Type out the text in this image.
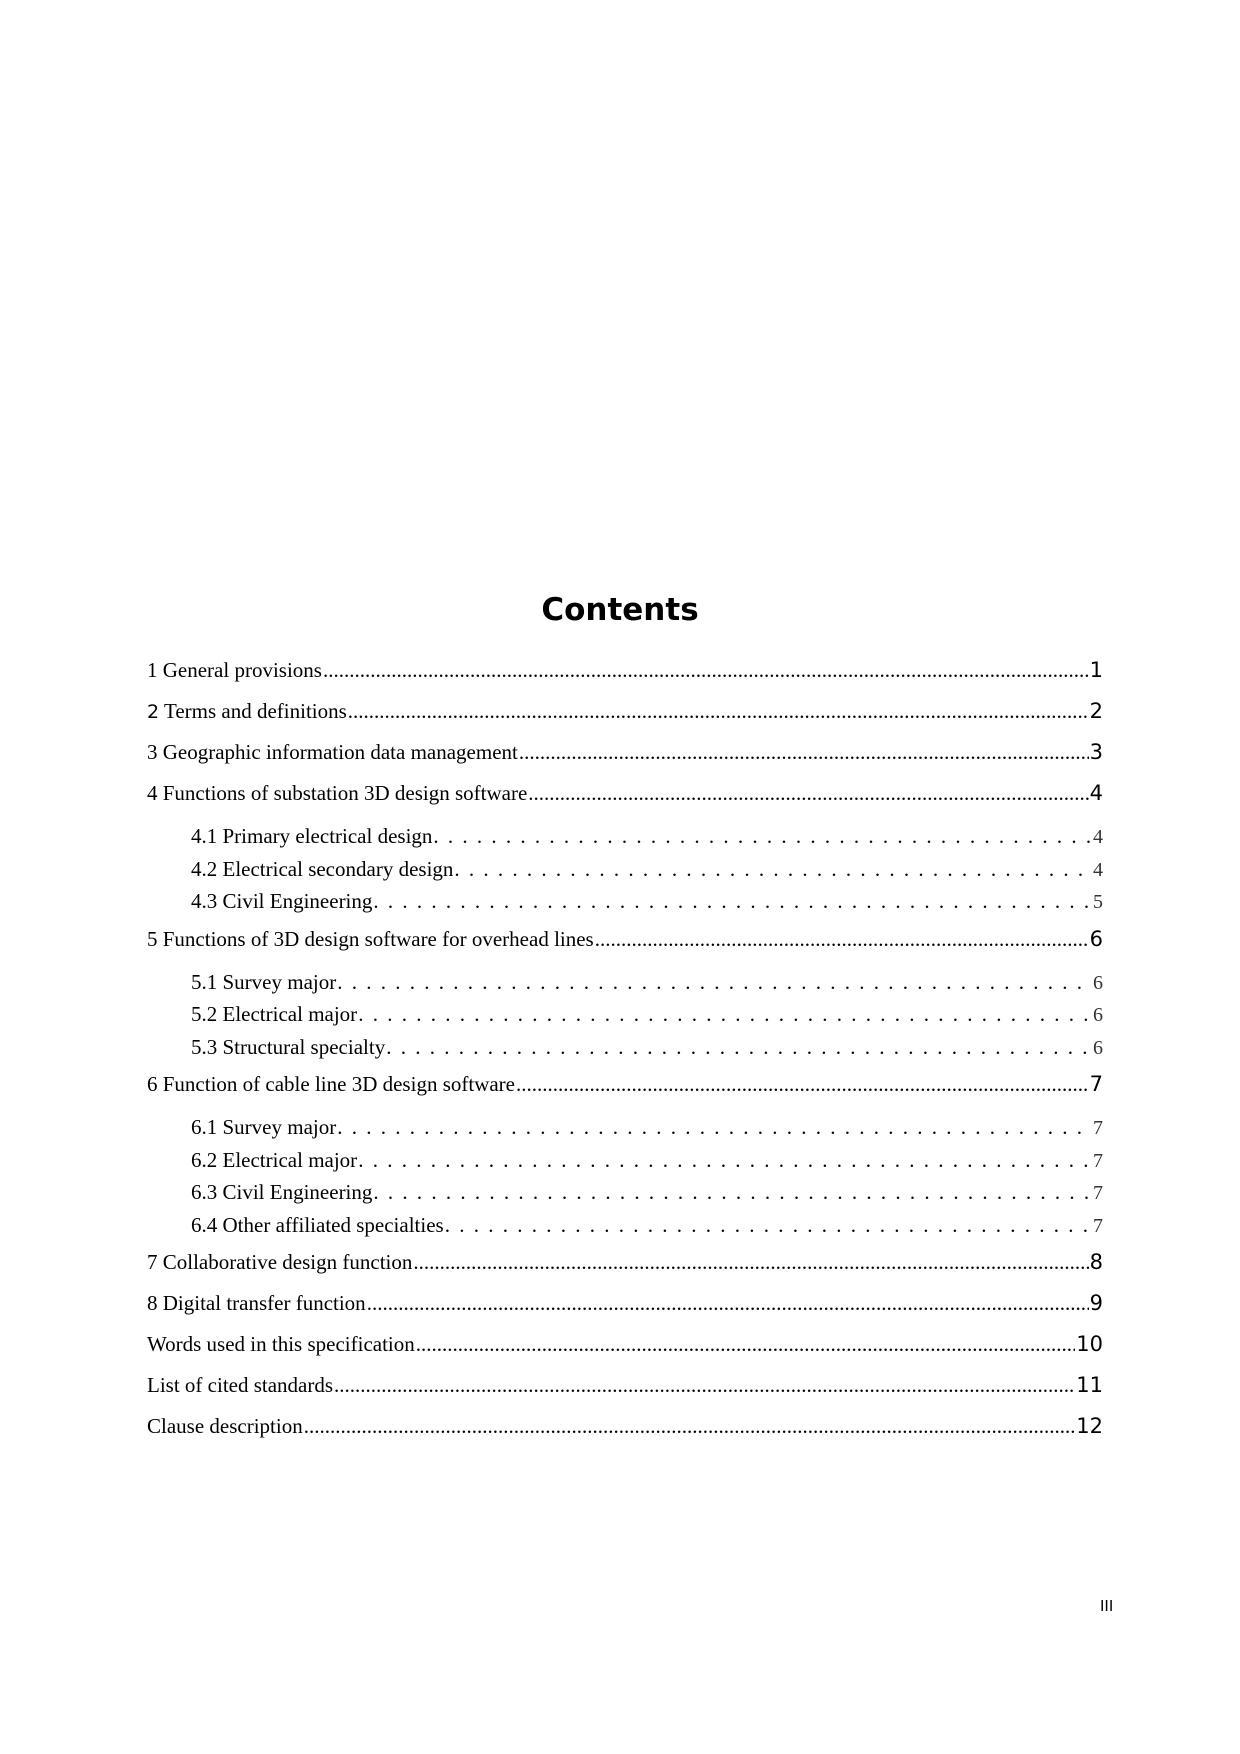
Contents
1 General provisions .....	1
2 Terms and definitions .....	2
3 Geographic information data management .....	3
4 Functions of substation 3D design software .....	4
4.1 Primary electrical design . . .	4
4.2 Electrical secondary design . . .	4
4.3 Civil Engineering . . .	5
5 Functions of 3D design software for overhead lines .....	6
5.1 Survey major . . .	6
5.2 Electrical major . . .	6
5.3 Structural specialty . . .	6
6 Function of cable line 3D design software .....	7
6.1 Survey major . . .	7
6.2 Electrical major . . .	7
6.3 Civil Engineering . . .	7
6.4 Other affiliated specialties . . .	7
7 Collaborative design function .....	8
8 Digital transfer function .....	9
Words used in this specification .....	10
List of cited standards .....	11
Clause description .....	12
III
